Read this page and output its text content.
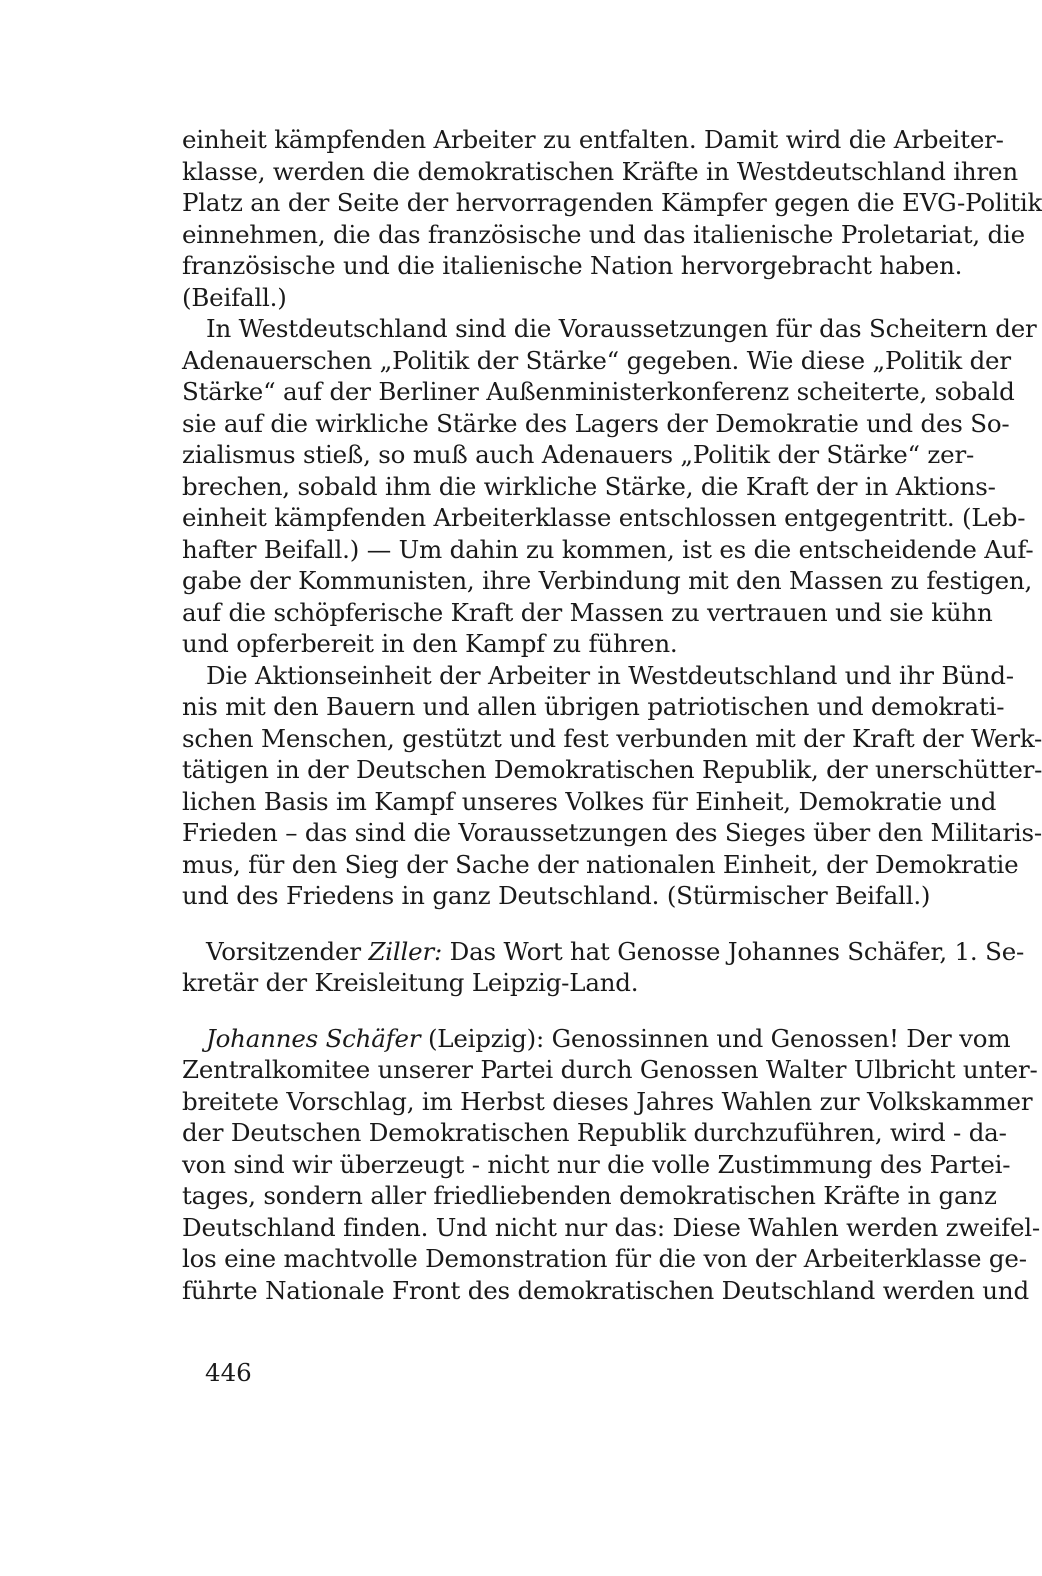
einheit kämpfenden Arbeiter zu entfalten. Damit wird die Arbeiter-
klasse, werden die demokratischen Kräfte in Westdeutschland ihren
Platz an der Seite der hervorragenden Kämpfer gegen die EVG-Politik
einnehmen, die das französische und das italienische Proletariat, die
französische und die italienische Nation hervorgebracht haben.
(Beifall.)
In Westdeutschland sind die Voraussetzungen für das Scheitern der
Adenauerschen „Politik der Stärke“ gegeben. Wie diese „Politik der
Stärke“ auf der Berliner Außenministerkonferenz scheiterte, sobald
sie auf die wirkliche Stärke des Lagers der Demokratie und des So-
zialismus stieß, so muß auch Adenauers „Politik der Stärke“ zer-
brechen, sobald ihm die wirkliche Stärke, die Kraft der in Aktions-
einheit kämpfenden Arbeiterklasse entschlossen entgegentritt. (Leb-
hafter Beifall.) — Um dahin zu kommen, ist es die entscheidende Auf-
gabe der Kommunisten, ihre Verbindung mit den Massen zu festigen,
auf die schöpferische Kraft der Massen zu vertrauen und sie kühn
und opferbereit in den Kampf zu führen.
Die Aktionseinheit der Arbeiter in Westdeutschland und ihr Bünd-
nis mit den Bauern und allen übrigen patriotischen und demokrati-
schen Menschen, gestützt und fest verbunden mit der Kraft der Werk-
tätigen in der Deutschen Demokratischen Republik, der unerschütter-
lichen Basis im Kampf unseres Volkes für Einheit, Demokratie und
Frieden – das sind die Voraussetzungen des Sieges über den Militaris-
mus, für den Sieg der Sache der nationalen Einheit, der Demokratie
und des Friedens in ganz Deutschland. (Stürmischer Beifall.)
Vorsitzender Ziller: Das Wort hat Genosse Johannes Schäfer, 1. Se-
kretär der Kreisleitung Leipzig-Land.
Johannes Schäfer (Leipzig): Genossinnen und Genossen! Der vom
Zentralkomitee unserer Partei durch Genossen Walter Ulbricht unter-
breitete Vorschlag, im Herbst dieses Jahres Wahlen zur Volkskammer
der Deutschen Demokratischen Republik durchzuführen, wird - da-
von sind wir überzeugt - nicht nur die volle Zustimmung des Partei-
tages, sondern aller friedliebenden demokratischen Kräfte in ganz
Deutschland finden. Und nicht nur das: Diese Wahlen werden zweifel-
los eine machtvolle Demonstration für die von der Arbeiterklasse ge-
führte Nationale Front des demokratischen Deutschland werden und
446
